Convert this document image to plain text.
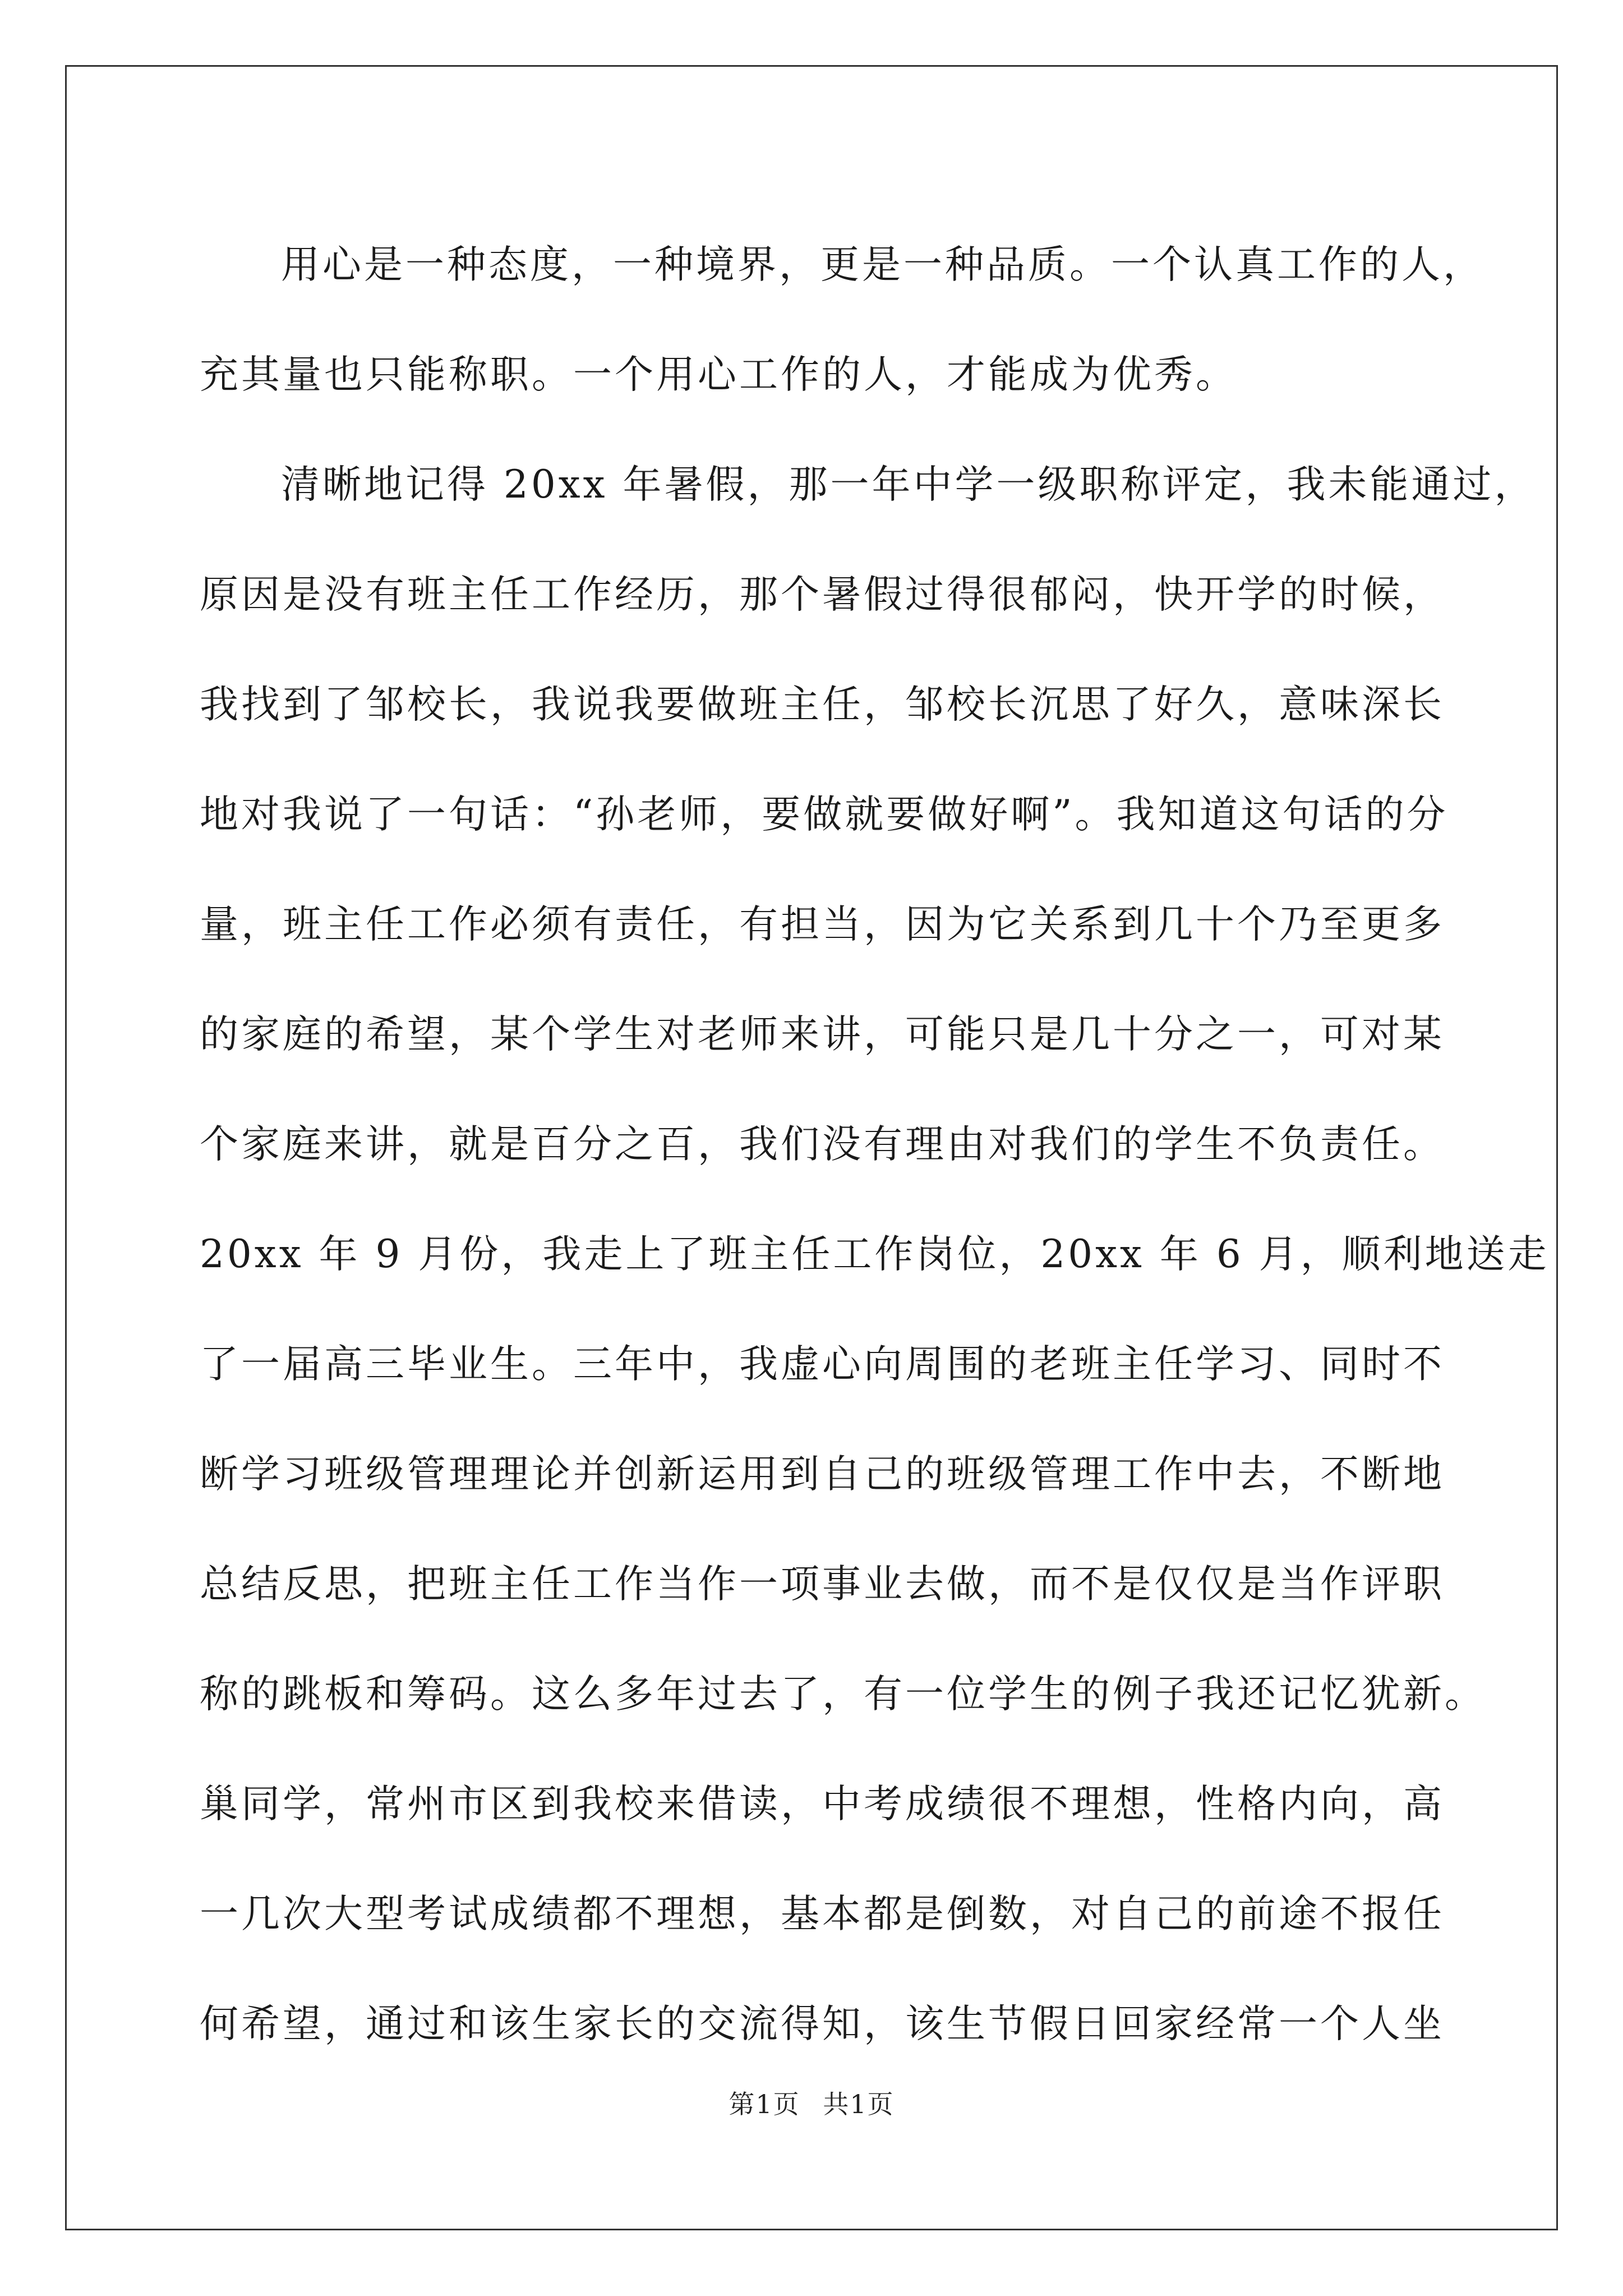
用心是一种态度，一种境界，更是一种品质。一个认真工作的人，
充其量也只能称职。一个用心工作的人，才能成为优秀。
清晰地记得 20xx 年暑假，那一年中学一级职称评定，我未能通过，
原因是没有班主任工作经历，那个暑假过得很郁闷，快开学的时候，
我找到了邹校长，我说我要做班主任，邹校长沉思了好久，意味深长
地对我说了一句话：“孙老师，要做就要做好啊”。我知道这句话的分
量，班主任工作必须有责任，有担当，因为它关系到几十个乃至更多
的家庭的希望，某个学生对老师来讲，可能只是几十分之一，可对某
个家庭来讲，就是百分之百，我们没有理由对我们的学生不负责任。
20xx 年 9 月份，我走上了班主任工作岗位，20xx 年 6 月，顺利地送走
了一届高三毕业生。三年中，我虚心向周围的老班主任学习、同时不
断学习班级管理理论并创新运用到自己的班级管理工作中去，不断地
总结反思，把班主任工作当作一项事业去做，而不是仅仅是当作评职
称的跳板和筹码。这么多年过去了，有一位学生的例子我还记忆犹新。
巢同学，常州市区到我校来借读，中考成绩很不理想，性格内向，高
一几次大型考试成绩都不理想，基本都是倒数，对自己的前途不报任
何希望，通过和该生家长的交流得知，该生节假日回家经常一个人坐
第1页 共1页
